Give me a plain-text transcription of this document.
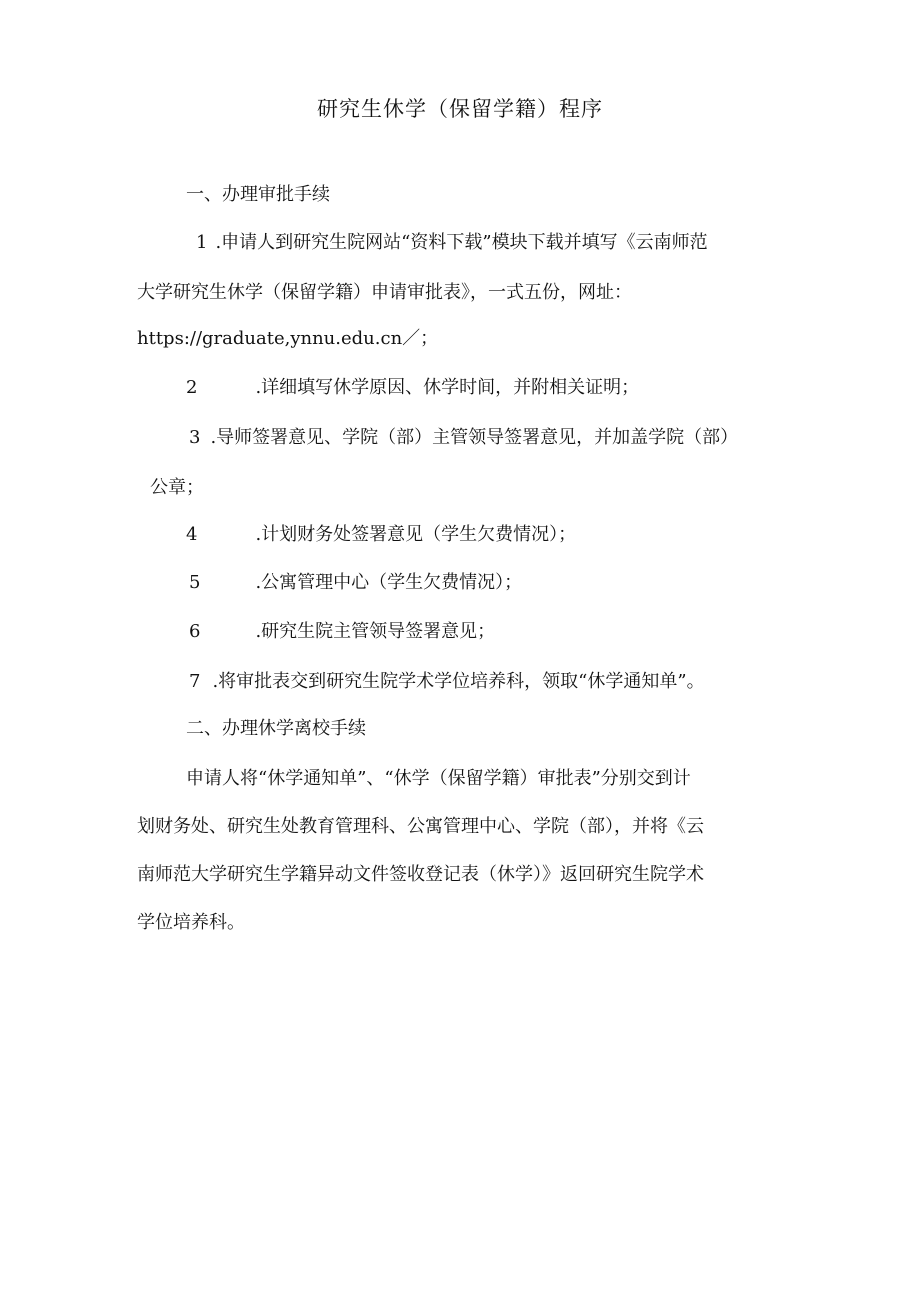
研究生休学（保留学籍）程序

一、办理审批手续

1 .申请人到研究生院网站“资料下载”模块下载并填写《云南师范

大学研究生休学（保留学籍）申请审批表》，一式五份，网址：

https://graduate,ynnu.edu.cn／；

2	.详细填写休学原因、休学时间，并附相关证明；

3 .导师签署意见、学院（部）主管领导签署意见，并加盖学院（部）

公章；

4	.计划财务处签署意见（学生欠费情况）；

5	.公寓管理中心（学生欠费情况）；

6	.研究生院主管领导签署意见；

7 .将审批表交到研究生院学术学位培养科，领取“休学通知单”。

二、办理休学离校手续

申请人将“休学通知单”、“休学（保留学籍）审批表”分别交到计

划财务处、研究生处教育管理科、公寓管理中心、学院（部），并将《云

南师范大学研究生学籍异动文件签收登记表（休学）》返回研究生院学术

学位培养科。
